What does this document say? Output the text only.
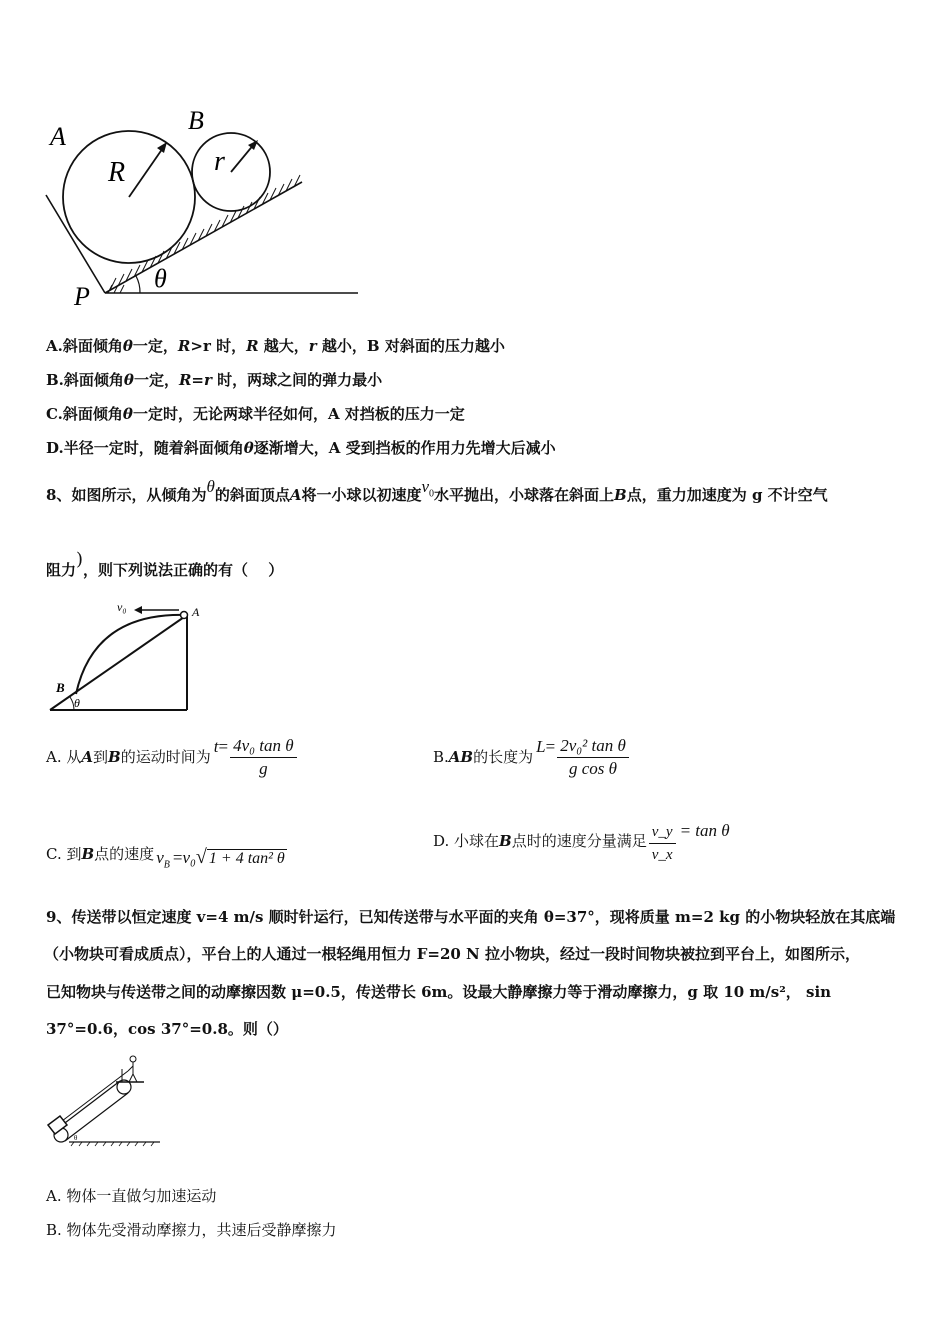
A
B
R	r
θ
P
A.斜面倾角θ一定，R>r 时，R 越大，r 越小，B 对斜面的压力越小
B.斜面倾角θ一定，R=r 时，两球之间的弹力最小
C.斜面倾角θ一定时，无论两球半径如何，A 对挡板的压力一定
D.半径一定时，随着斜面倾角θ逐渐增大，A 受到挡板的作用力先增大后减小
8、如图所示，从倾角为θ的斜面顶点A将一小球以初速度$v_0$水平抛出，小球落在斜面上B点，重力加速度为 g 不计空气
阻力)，则下列说法正确的有（　 ）
v₀	A
B
θ
A. 从A到B的运动时间为$t= \frac{\text{4v₀ tan θ}}{g}$	B.AB的长度为$L= \frac{\text{2v₀² tan θ}}{\text{g cos θ}}$
C. 到B点的速度 $v_B =v_0√$ 1 + 4 tan² θ
D. 小球在B点时的速度分量满足 $\frac{v\_y}{v\_x} = \tan \theta$
9、传送带以恒定速度 v=4 m/s 顺时针运行，已知传送带与水平面的夹角 θ=37°，现将质量 m=2 kg 的小物块轻放在其底端
（小物块可看成质点），平台上的人通过一根轻绳用恒力 F=20 N 拉小物块，经过一段时间物块被拉到平台上，如图所示，
已知物块与传送带之间的动摩擦因数 μ=0.5，传送带长 6m。设最大静摩擦力等于滑动摩擦力，g 取 10 m/s²， sin
37°=0.6，cos 37°=0.8。则（）
θ
A. 物体一直做匀加速运动
B. 物体先受滑动摩擦力，共速后受静摩擦力
